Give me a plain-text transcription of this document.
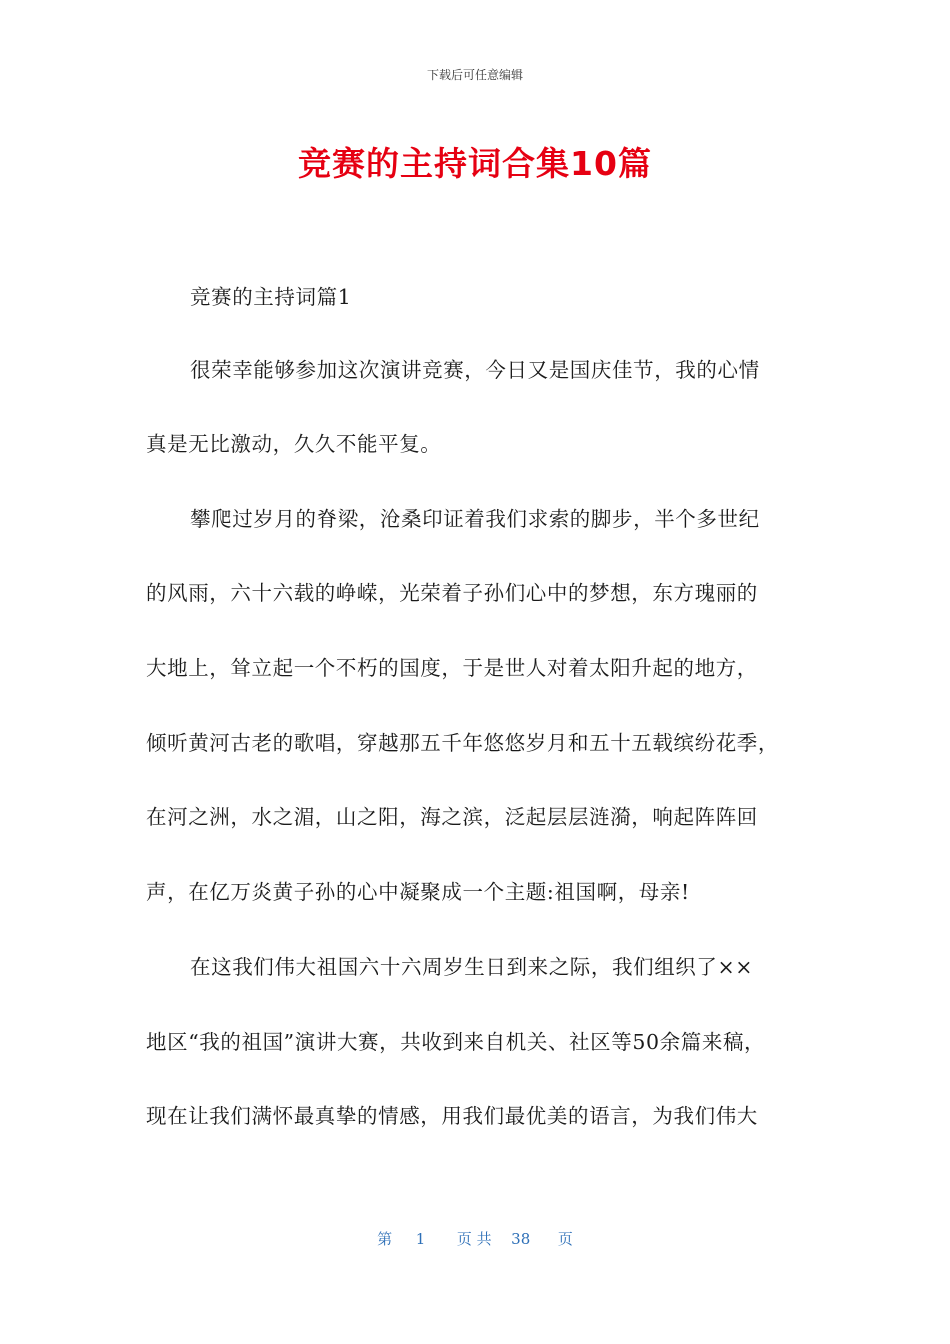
下载后可任意编辑
竞赛的主持词合集10篇
竞赛的主持词篇1
很荣幸能够参加这次演讲竞赛，今日又是国庆佳节，我的心情
真是无比激动，久久不能平复。
攀爬过岁月的脊梁，沧桑印证着我们求索的脚步，半个多世纪
的风雨，六十六载的峥嵘，光荣着子孙们心中的梦想，东方瑰丽的
大地上，耸立起一个不朽的国度，于是世人对着太阳升起的地方，
倾听黄河古老的歌唱，穿越那五千年悠悠岁月和五十五载缤纷花季，
在河之洲，水之湄，山之阳，海之滨，泛起层层涟漪，响起阵阵回
声，在亿万炎黄子孙的心中凝聚成一个主题:祖国啊，母亲!
在这我们伟大祖国六十六周岁生日到来之际，我们组织了××
地区“我的祖国”演讲大赛，共收到来自机关、社区等50余篇来稿，
现在让我们满怀最真挚的情感，用我们最优美的语言，为我们伟大
第 1 页 共 38 页
